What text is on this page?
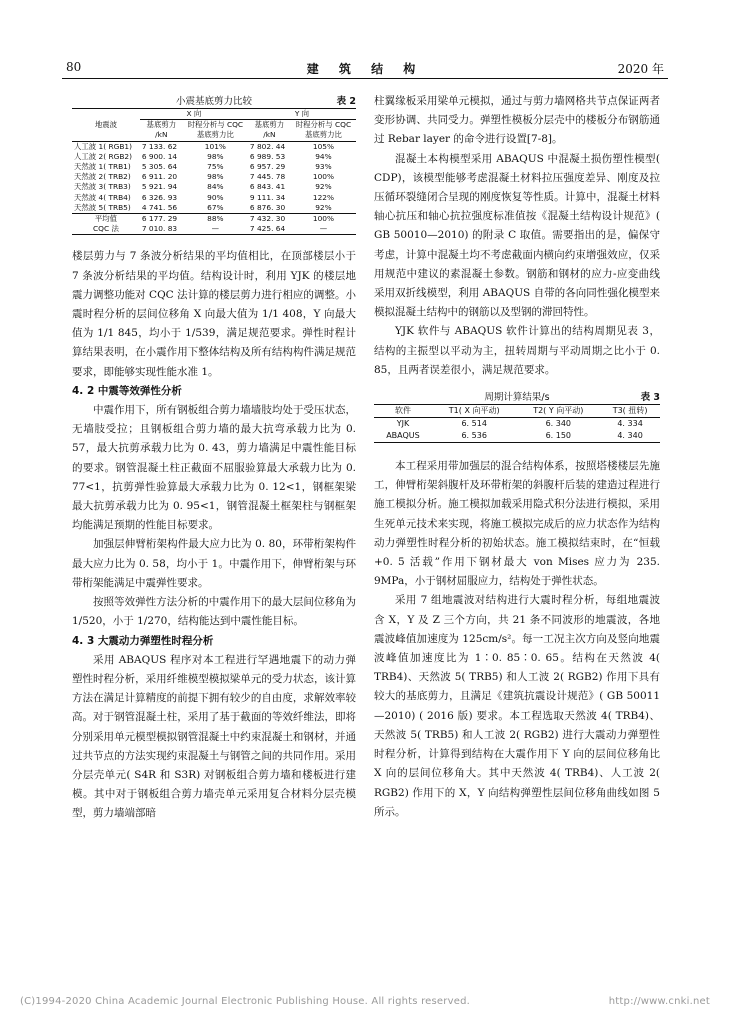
80	建 筑 结 构	2020 年
小震基底剪力比较	表 2
地震波	X 向		Y 向	
	基底剪力	时程分析与 CQC	基底剪力	时程分析与 CQC
	/kN	基底剪力比	/kN	基底剪力比
人工波 1( RGB1)	7 133. 62	101%	7 802. 44	105%
人工波 2( RGB2)	6 900. 14	98%	6 989. 53	94%
天然波 1( TRB1)	5 305. 64	75%	6 957. 29	93%
天然波 2( TRB2)	6 911. 20	98%	7 445. 78	100%
天然波 3( TRB3)	5 921. 94	84%	6 843. 41	92%
天然波 4( TRB4)	6 326. 93	90%	9 111. 34	122%
天然波 5( TRB5)	4 741. 56	67%	6 876. 30	92%
平均值	6 177. 29	88%	7 432. 30	100%
CQC 法	7 010. 83	—	7 425. 64	—

楼层剪力与 7 条波分析结果的平均值相比，在顶部楼层小于 7 条波分析结果的平均值。结构设计时，利用 YJK 的楼层地震力调整功能对 CQC 法计算的楼层剪力进行相应的调整。小震时程分析的层间位移角 X 向最大值为 1/1 408，Y 向最大值为 1/1 845，均小于 1/539，满足规范要求。弹性时程计算结果表明，在小震作用下整体结构及所有结构构件满足规范要求，即能够实现性能水准 1。

4. 2 中震等效弹性分析

中震作用下，所有钢板组合剪力墙墙肢均处于受压状态，无墙肢受拉；且钢板组合剪力墙的最大抗弯承载力比为 0. 57，最大抗剪承载力比为 0. 43，剪力墙满足中震性能目标的要求。钢管混凝土柱正截面不屈服验算最大承载力比为 0. 77<1，抗剪弹性验算最大承载力比为 0. 12<1，钢框架梁最大抗剪承载力比为 0. 95<1，钢管混凝土框架柱与钢框架均能满足预期的性能目标要求。

加强层伸臂桁架构件最大应力比为 0. 80，环带桁架构件最大应力比为 0. 58，均小于 1。中震作用下，伸臂桁架与环带桁架能满足中震弹性要求。

按照等效弹性方法分析的中震作用下的最大层间位移角为 1/520，小于 1/270，结构能达到中震性能目标。

4. 3 大震动力弹塑性时程分析

采用 ABAQUS 程序对本工程进行罕遇地震下的动力弹塑性时程分析，采用纤维模型模拟梁单元的受力状态，该计算方法在满足计算精度的前提下拥有较少的自由度，求解效率较高。对于钢管混凝土柱，采用了基于截面的等效纤维法，即将分别采用单元模型模拟钢管混凝土中约束混凝土和钢材，并通过共节点的方法实现约束混凝土与钢管之间的共同作用。采用分层壳单元( S4R 和 S3R) 对钢板组合剪力墙和楼板进行建模。其中对于钢板组合剪力墙壳单元采用复合材料分层壳模型，剪力墙端部暗

柱翼缘板采用梁单元模拟，通过与剪力墙网格共节点保证两者变形协调、共同受力。弹塑性模板分层壳中的楼板分布钢筋通过 Rebar layer 的命令进行设置[7-8]。

混凝土本构模型采用 ABAQUS 中混凝土损伤塑性模型( CDP)，该模型能够考虑混凝土材料拉压强度差异、刚度及拉压循环裂缝闭合呈现的刚度恢复等性质。计算中，混凝土材料轴心抗压和轴心抗拉强度标准值按《混凝土结构设计规范》( GB 50010—2010) 的附录 C 取值。需要指出的是，偏保守考虑，计算中混凝土均不考虑截面内横向约束增强效应，仅采用规范中建议的素混凝土参数。钢筋和钢材的应力-应变曲线采用双折线模型，利用 ABAQUS 自带的各向同性强化模型来模拟混凝土结构中的钢筋以及型钢的滞回特性。

YJK 软件与 ABAQUS 软件计算出的结构周期见表 3，结构的主振型以平动为主，扭转周期与平动周期之比小于 0. 85，且两者误差很小，满足规范要求。

周期计算结果/s	表 3
软件	T1( X 向平动)	T2( Y 向平动)	T3( 扭转)
YJK	6. 514	6. 340	4. 334
ABAQUS	6. 536	6. 150	4. 340

本工程采用带加强层的混合结构体系，按照塔楼楼层先施工，伸臂桁架斜腹杆及环带桁架的斜腹杆后装的建造过程进行施工模拟分析。施工模拟加载采用隐式积分法进行模拟，采用生死单元技术来实现，将施工模拟完成后的应力状态作为结构动力弹塑性时程分析的初始状态。施工模拟结束时，在“恒载+0. 5 活载”作用下钢材最大 von Mises 应力为 235. 9MPa，小于钢材屈服应力，结构处于弹性状态。

采用 7 组地震波对结构进行大震时程分析，每组地震波含 X，Y 及 Z 三个方向，共 21 条不同波形的地震波，各地震波峰值加速度为 125cm/s²。每一工况主次方向及竖向地震波峰值加速度比为 1∶0. 85∶0. 65。结构在天然波 4( TRB4)、天然波 5( TRB5) 和人工波 2( RGB2) 作用下具有较大的基底剪力，且满足《建筑抗震设计规范》( GB 50011—2010) ( 2016 版) 要求。本工程选取天然波 4( TRB4)、天然波 5( TRB5) 和人工波 2( RGB2) 进行大震动力弹塑性时程分析，计算得到结构在大震作用下 Y 向的层间位移角比 X 向的层间位移角大。其中天然波 4( TRB4)、人工波 2( RGB2) 作用下的 X，Y 向结构弹塑性层间位移角曲线如图 5 所示。

(C)1994-2020 China Academic Journal Electronic Publishing House. All rights reserved.	http://www.cnki.net
